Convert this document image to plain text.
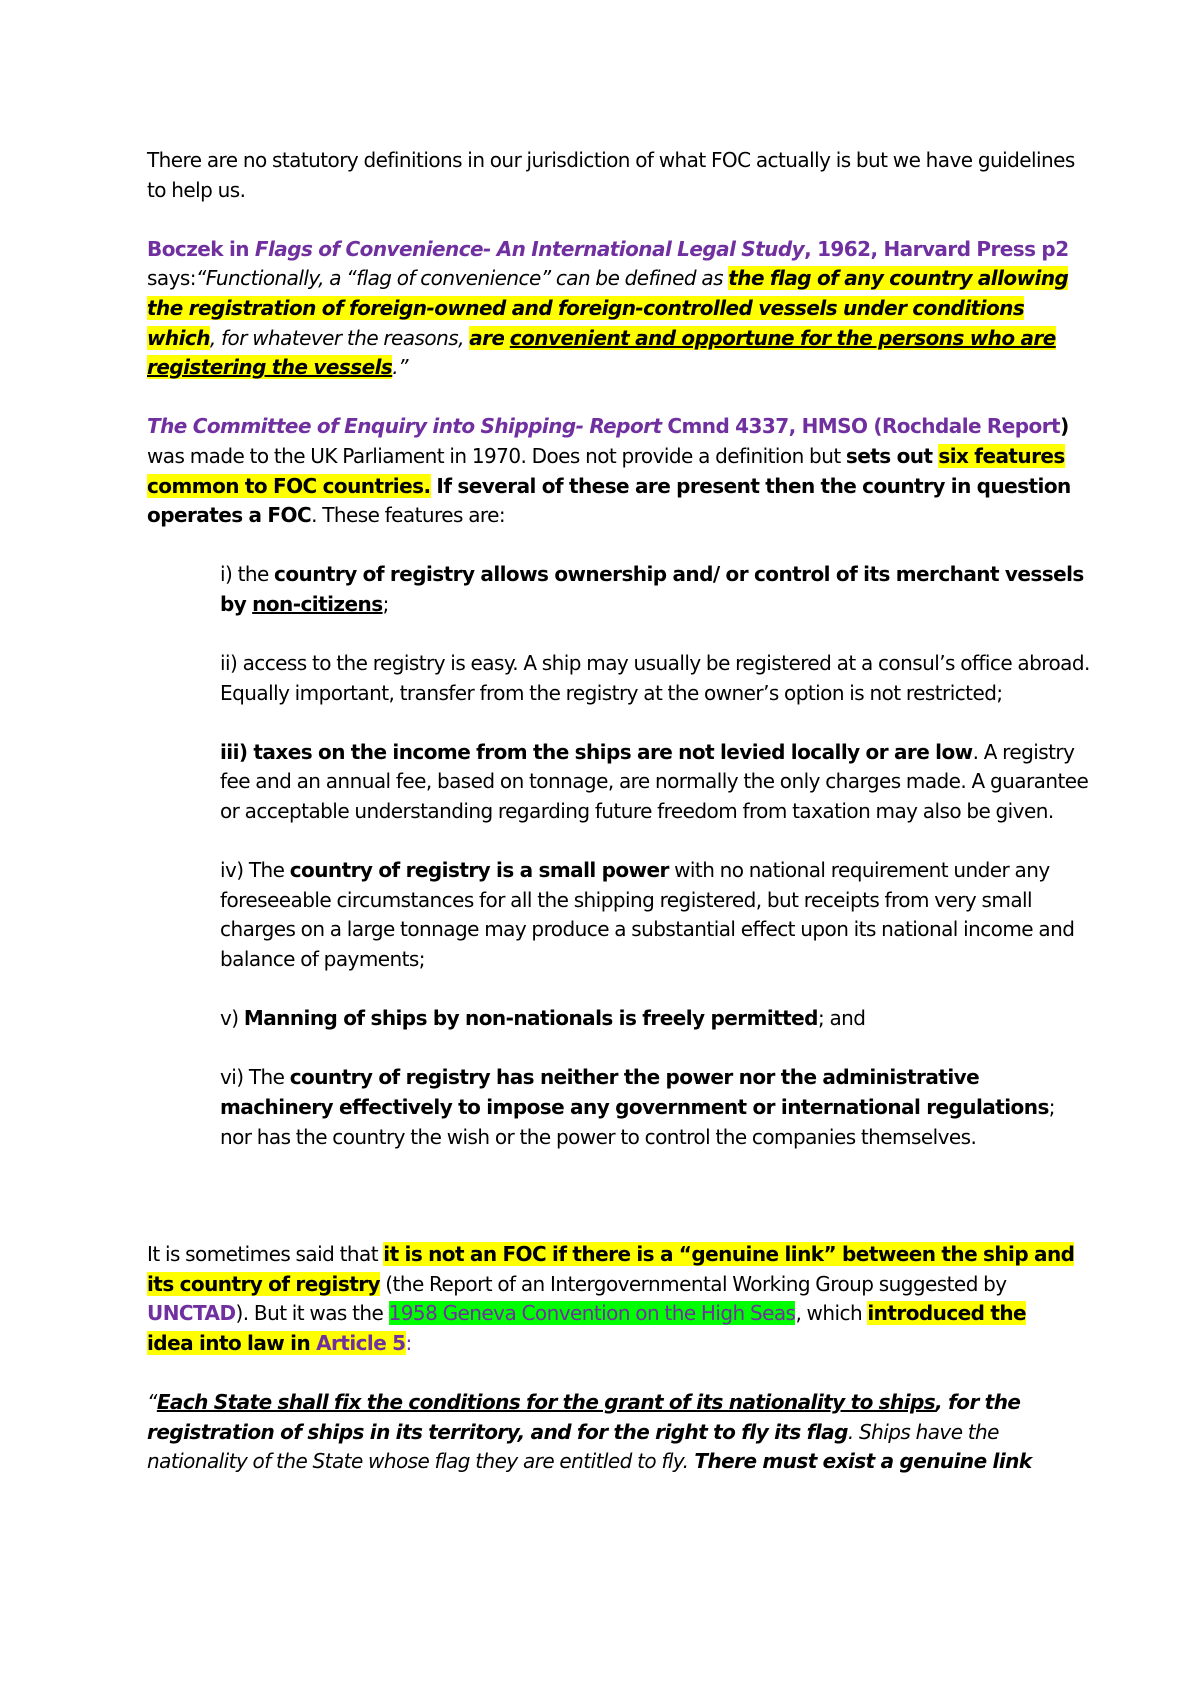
There are no statutory definitions in our jurisdiction of what FOC actually is but we have guidelines to help us.

Boczek in Flags of Convenience- An International Legal Study, 1962, Harvard Press p2 says:“Functionally, a “flag of convenience” can be defined as the flag of any country allowing the registration of foreign-owned and foreign-controlled vessels under conditions which, for whatever the reasons, are convenient and opportune for the persons who are registering the vessels.”

The Committee of Enquiry into Shipping- Report Cmnd 4337, HMSO (Rochdale Report) was made to the UK Parliament in 1970. Does not provide a definition but sets out six features common to FOC countries. If several of these are present then the country in question operates a FOC. These features are:

i) the country of registry allows ownership and/ or control of its merchant vessels by non-citizens;

ii) access to the registry is easy. A ship may usually be registered at a consul’s office abroad. Equally important, transfer from the registry at the owner’s option is not restricted;

iii) taxes on the income from the ships are not levied locally or are low. A registry fee and an annual fee, based on tonnage, are normally the only charges made. A guarantee or acceptable understanding regarding future freedom from taxation may also be given.

iv) The country of registry is a small power with no national requirement under any foreseeable circumstances for all the shipping registered, but receipts from very small charges on a large tonnage may produce a substantial effect upon its national income and balance of payments;

v) Manning of ships by non-nationals is freely permitted; and

vi) The country of registry has neither the power nor the administrative machinery effectively to impose any government or international regulations; nor has the country the wish or the power to control the companies themselves.

It is sometimes said that it is not an FOC if there is a “genuine link” between the ship and its country of registry (the Report of an Intergovernmental Working Group suggested by UNCTAD). But it was the 1958 Geneva Convention on the High Seas, which introduced the idea into law in Article 5:

“Each State shall fix the conditions for the grant of its nationality to ships, for the registration of ships in its territory, and for the right to fly its flag. Ships have the nationality of the State whose flag they are entitled to fly. There must exist a genuine link
